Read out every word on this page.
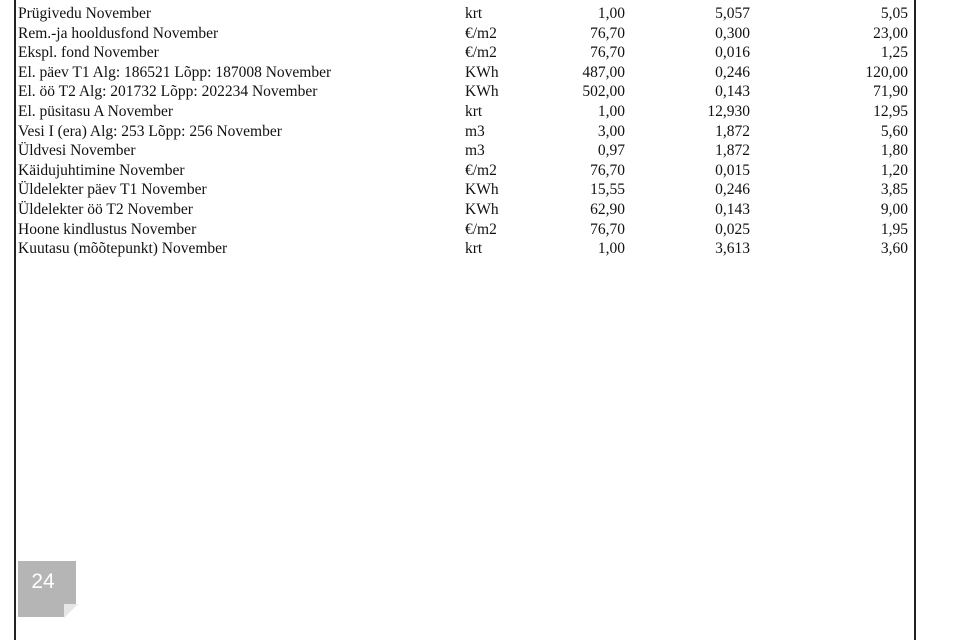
Prügivedu November	krt	1,00	5,057	5,05
Rem.-ja hooldusfond November	€/m2	76,70	0,300	23,00
Ekspl. fond November	€/m2	76,70	0,016	1,25
El. päev T1 Alg: 186521 Lõpp: 187008 November	KWh	487,00	0,246	120,00
El. öö T2 Alg: 201732 Lõpp: 202234 November	KWh	502,00	0,143	71,90
El. püsitasu A November	krt	1,00	12,930	12,95
Vesi I (era) Alg: 253 Lõpp: 256 November	m3	3,00	1,872	5,60
Üldvesi November	m3	0,97	1,872	1,80
Käidujuhtimine November	€/m2	76,70	0,015	1,20
Üldelekter päev T1 November	KWh	15,55	0,246	3,85
Üldelekter öö T2 November	KWh	62,90	0,143	9,00
Hoone kindlustus November	€/m2	76,70	0,025	1,95
Kuutasu (mõõtepunkt) November	krt	1,00	3,613	3,60
24
